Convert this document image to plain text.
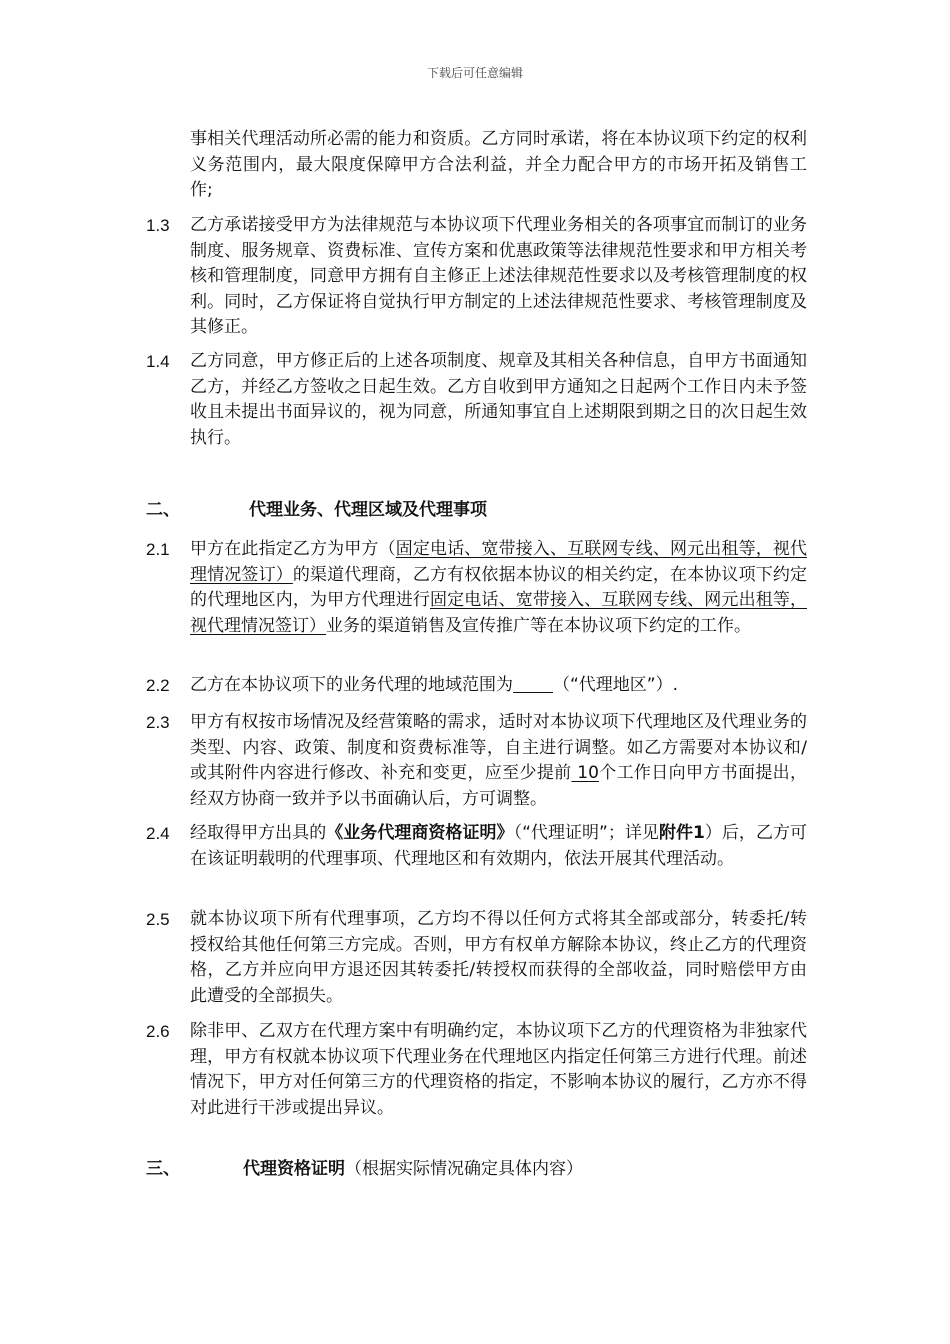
下载后可任意编辑

事相关代理活动所必需的能力和资质。乙方同时承诺，将在本协议项下约定的权利义务范围内，最大限度保障甲方合法利益，并全力配合甲方的市场开拓及销售工作;

1.3 乙方承诺接受甲方为法律规范与本协议项下代理业务相关的各项事宜而制订的业务制度、服务规章、资费标准、宣传方案和优惠政策等法律规范性要求和甲方相关考核和管理制度，同意甲方拥有自主修正上述法律规范性要求以及考核管理制度的权利。同时，乙方保证将自觉执行甲方制定的上述法律规范性要求、考核管理制度及其修正。

1.4 乙方同意，甲方修正后的上述各项制度、规章及其相关各种信息，自甲方书面通知乙方，并经乙方签收之日起生效。乙方自收到甲方通知之日起两个工作日内未予签收且未提出书面异议的，视为同意，所通知事宜自上述期限到期之日的次日起生效执行。

二、	代理业务、代理区域及代理事项
2.1 甲方在此指定乙方为甲方（固定电话、宽带接入、互联网专线、网元出租等，视代理情况签订）的渠道代理商，乙方有权依据本协议的相关约定，在本协议项下约定的代理地区内，为甲方代理进行固定电话、宽带接入、互联网专线、网元出租等，视代理情况签订）业务的渠道销售及宣传推广等在本协议项下约定的工作。

2.2 乙方在本协议项下的业务代理的地域范围为 （“代理地区”）.

2.3 甲方有权按市场情况及经营策略的需求，适时对本协议项下代理地区及代理业务的类型、内容、政策、制度和资费标准等，自主进行调整。如乙方需要对本协议和/或其附件内容进行修改、补充和变更，应至少提前 10个工作日向甲方书面提出，经双方协商一致并予以书面确认后，方可调整。

2.4 经取得甲方出具的《业务代理商资格证明》（“代理证明”；详见附件1）后，乙方可在该证明载明的代理事项、代理地区和有效期内，依法开展其代理活动。

2.5 就本协议项下所有代理事项，乙方均不得以任何方式将其全部或部分，转委托/转授权给其他任何第三方完成。否则，甲方有权单方解除本协议，终止乙方的代理资格，乙方并应向甲方退还因其转委托/转授权而获得的全部收益，同时赔偿甲方由此遭受的全部损失。

2.6 除非甲、乙双方在代理方案中有明确约定，本协议项下乙方的代理资格为非独家代理，甲方有权就本协议项下代理业务在代理地区内指定任何第三方进行代理。前述情况下，甲方对任何第三方的代理资格的指定，不影响本协议的履行，乙方亦不得对此进行干涉或提出异议。

三、	代理资格证明（根据实际情况确定具体内容）
